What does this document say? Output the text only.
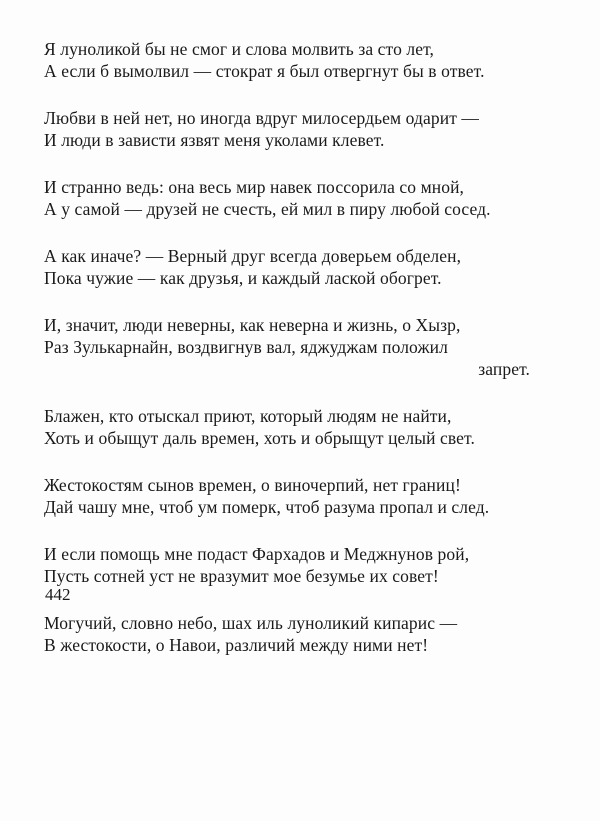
Я луноликой бы не смог и слова молвить за сто лет,
А если б вымолвил — стократ я был отвергнут бы в ответ.
Любви в ней нет, но иногда вдруг милосердьем одарит —
И люди в зависти язвят меня уколами клевет.
И странно ведь: она весь мир навек поссорила со мной,
А у самой — друзей не счесть, ей мил в пиру любой сосед.
А как иначе? — Верный друг всегда доверьем обделен,
Пока чужие — как друзья, и каждый лаской обогрет.
И, значит, люди неверны, как неверна и жизнь, о Хызр,
Раз Зулькарнайн, воздвигнув вал, яджуджам положил
запрет.
Блажен, кто отыскал приют, который людям не найти,
Хоть и обыщут даль времен, хоть и обрыщут целый свет.
Жестокостям сынов времен, о виночерпий, нет границ!
Дай чашу мне, чтоб ум померк, чтоб разума пропал и след.
И если помощь мне подаст Фархадов и Меджнунов рой,
Пусть сотней уст не вразумит мое безумье их совет!
Могучий, словно небо, шах иль луноликий кипарис —
В жестокости, о Навои, различий между ними нет!
442
